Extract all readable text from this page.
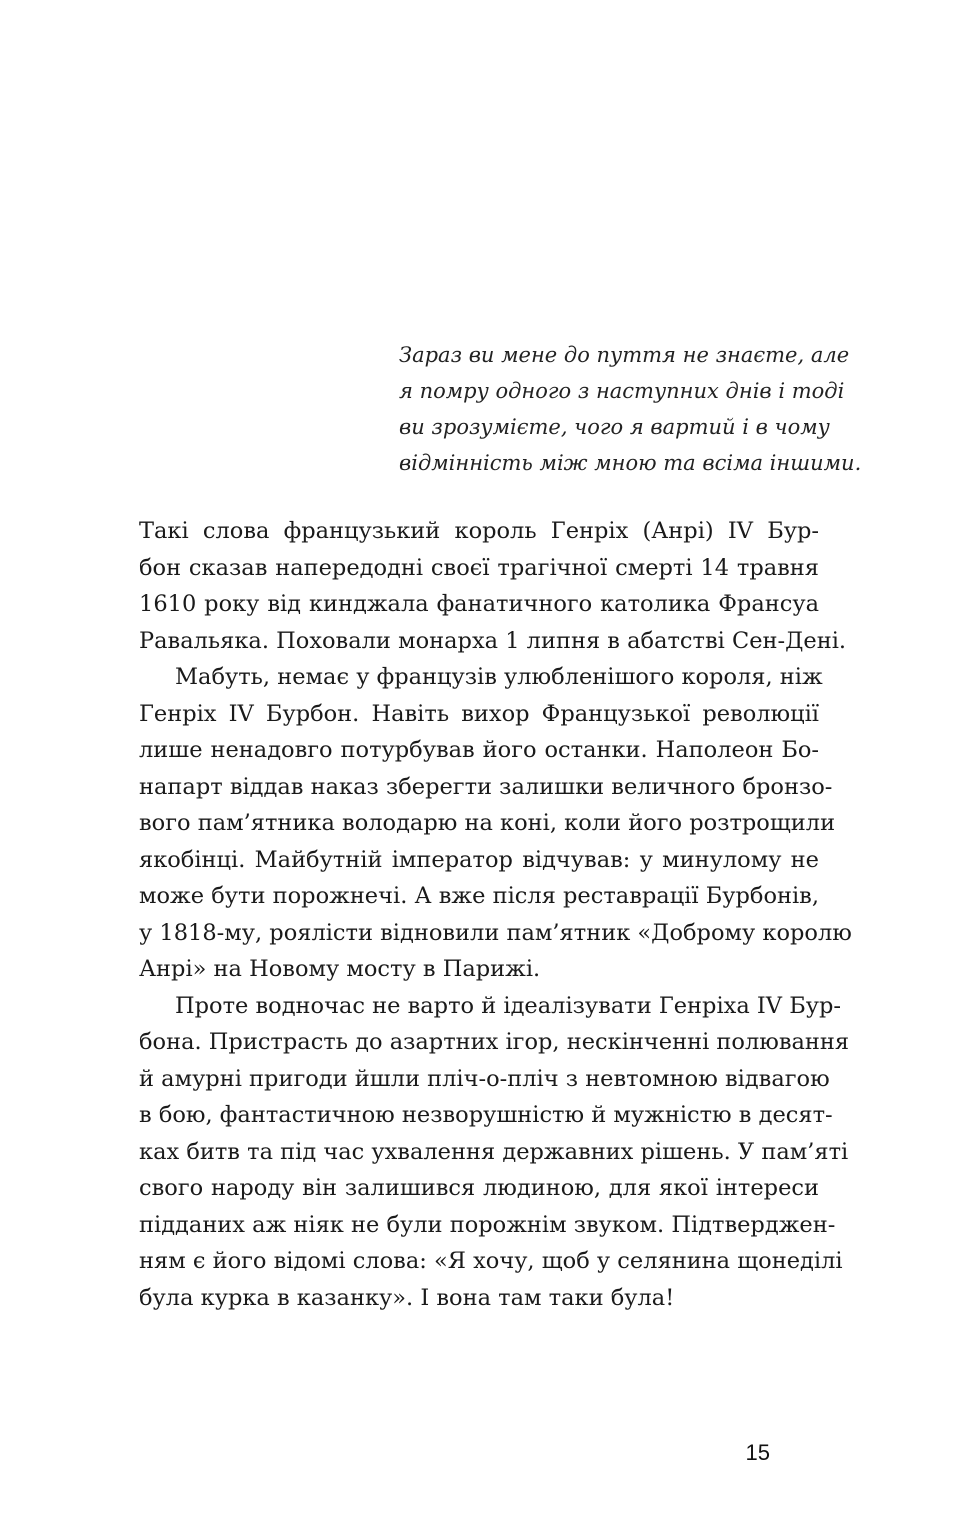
Зараз ви мене до пуття не знаєте, але
я помру одного з наступних днів і тоді
ви зрозумієте, чого я вартий і в чому
відмінність між мною та всіма іншими.
Такі слова французький король Генріх (Анрі) IV Бур-
бон сказав напередодні своєї трагічної смерті 14 травня
1610 року від кинджала фанатичного католика Франсуа
Равальяка. Поховали монарха 1 липня в абатстві Сен-Дені.
Мабуть, немає у французів улюбленішого короля, ніж
Генріх IV Бурбон. Навіть вихор Французької революції
лише ненадовго потурбував його останки. Наполеон Бо-
напарт віддав наказ зберегти залишки величного бронзо-
вого пам’ятника володарю на коні, коли його розтрощили
якобінці. Майбутній імператор відчував: у минулому не
може бути порожнечі. А вже після реставрації Бурбонів,
у 1818-му, роялісти відновили пам’ятник «Доброму королю
Анрі» на Новому мосту в Парижі.
Проте водночас не варто й ідеалізувати Генріха IV Бур-
бона. Пристрасть до азартних ігор, нескінченні полювання
й амурні пригоди йшли пліч-о-пліч з невтомною відвагою
в бою, фантастичною незворушністю й мужністю в десят-
ках битв та під час ухвалення державних рішень. У пам’яті
свого народу він залишився людиною, для якої інтереси
підданих аж ніяк не були порожнім звуком. Підтверджен-
ням є його відомі слова: «Я хочу, щоб у селянина щонеділі
була курка в казанку». І вона там таки була!
15
